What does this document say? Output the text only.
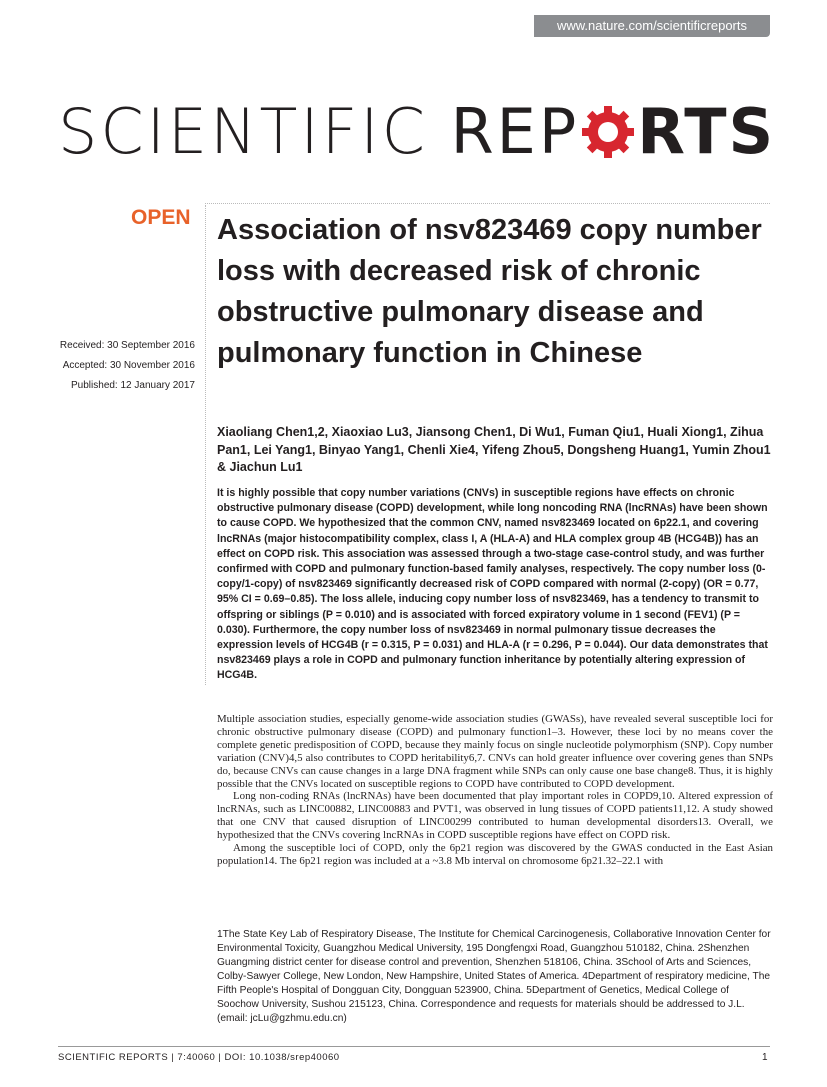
www.nature.com/scientificreports
SCIENTIFIC REP RTS
OPEN
Received: 30 September 2016
Accepted: 30 November 2016
Published: 12 January 2017
Association of nsv823469 copy number loss with decreased risk of chronic obstructive pulmonary disease and pulmonary function in Chinese
Xiaoliang Chen1,2, Xiaoxiao Lu3, Jiansong Chen1, Di Wu1, Fuman Qiu1, Huali Xiong1, Zihua Pan1, Lei Yang1, Binyao Yang1, Chenli Xie4, Yifeng Zhou5, Dongsheng Huang1, Yumin Zhou1 & Jiachun Lu1
It is highly possible that copy number variations (CNVs) in susceptible regions have effects on chronic obstructive pulmonary disease (COPD) development, while long noncoding RNA (lncRNAs) have been shown to cause COPD. We hypothesized that the common CNV, named nsv823469 located on 6p22.1, and covering lncRNAs (major histocompatibility complex, class I, A (HLA-A) and HLA complex group 4B (HCG4B)) has an effect on COPD risk. This association was assessed through a two-stage case-control study, and was further confirmed with COPD and pulmonary function-based family analyses, respectively. The copy number loss (0-copy/1-copy) of nsv823469 significantly decreased risk of COPD compared with normal (2-copy) (OR = 0.77, 95% CI = 0.69–0.85). The loss allele, inducing copy number loss of nsv823469, has a tendency to transmit to offspring or siblings (P = 0.010) and is associated with forced expiratory volume in 1 second (FEV1) (P = 0.030). Furthermore, the copy number loss of nsv823469 in normal pulmonary tissue decreases the expression levels of HCG4B (r = 0.315, P = 0.031) and HLA-A (r = 0.296, P = 0.044). Our data demonstrates that nsv823469 plays a role in COPD and pulmonary function inheritance by potentially altering expression of HCG4B.

Multiple association studies, especially genome-wide association studies (GWASs), have revealed several susceptible loci for chronic obstructive pulmonary disease (COPD) and pulmonary function1–3. However, these loci by no means cover the complete genetic predisposition of COPD, because they mainly focus on single nucleotide polymorphism (SNP). Copy number variation (CNV)4,5 also contributes to COPD heritability6,7. CNVs can hold greater influence over covering genes than SNPs do, because CNVs can cause changes in a large DNA fragment while SNPs can only cause one base change8. Thus, it is highly possible that the CNVs located on susceptible regions to COPD have contributed to COPD development.

Long non-coding RNAs (lncRNAs) have been documented that play important roles in COPD9,10. Altered expression of lncRNAs, such as LINC00882, LINC00883 and PVT1, was observed in lung tissues of COPD patients11,12. A study showed that one CNV that caused disruption of LINC00299 contributed to human developmental disorders13. Overall, we hypothesized that the CNVs covering lncRNAs in COPD susceptible regions have effect on COPD risk.

Among the susceptible loci of COPD, only the 6p21 region was discovered by the GWAS conducted in the East Asian population14. The 6p21 region was included at a ~3.8 Mb interval on chromosome 6p21.32–22.1 with

1The State Key Lab of Respiratory Disease, The Institute for Chemical Carcinogenesis, Collaborative Innovation Center for Environmental Toxicity, Guangzhou Medical University, 195 Dongfengxi Road, Guangzhou 510182, China. 2Shenzhen Guangming district center for disease control and prevention, Shenzhen 518106, China. 3School of Arts and Sciences, Colby-Sawyer College, New London, New Hampshire, United States of America. 4Department of respiratory medicine, The Fifth People's Hospital of Dongguan City, Dongguan 523900, China. 5Department of Genetics, Medical College of Soochow University, Sushou 215123, China. Correspondence and requests for materials should be addressed to J.L. (email: jcLu@gzhmu.edu.cn)
SCIENTIFIC REPORTS | 7:40060 | DOI: 10.1038/srep40060	1
